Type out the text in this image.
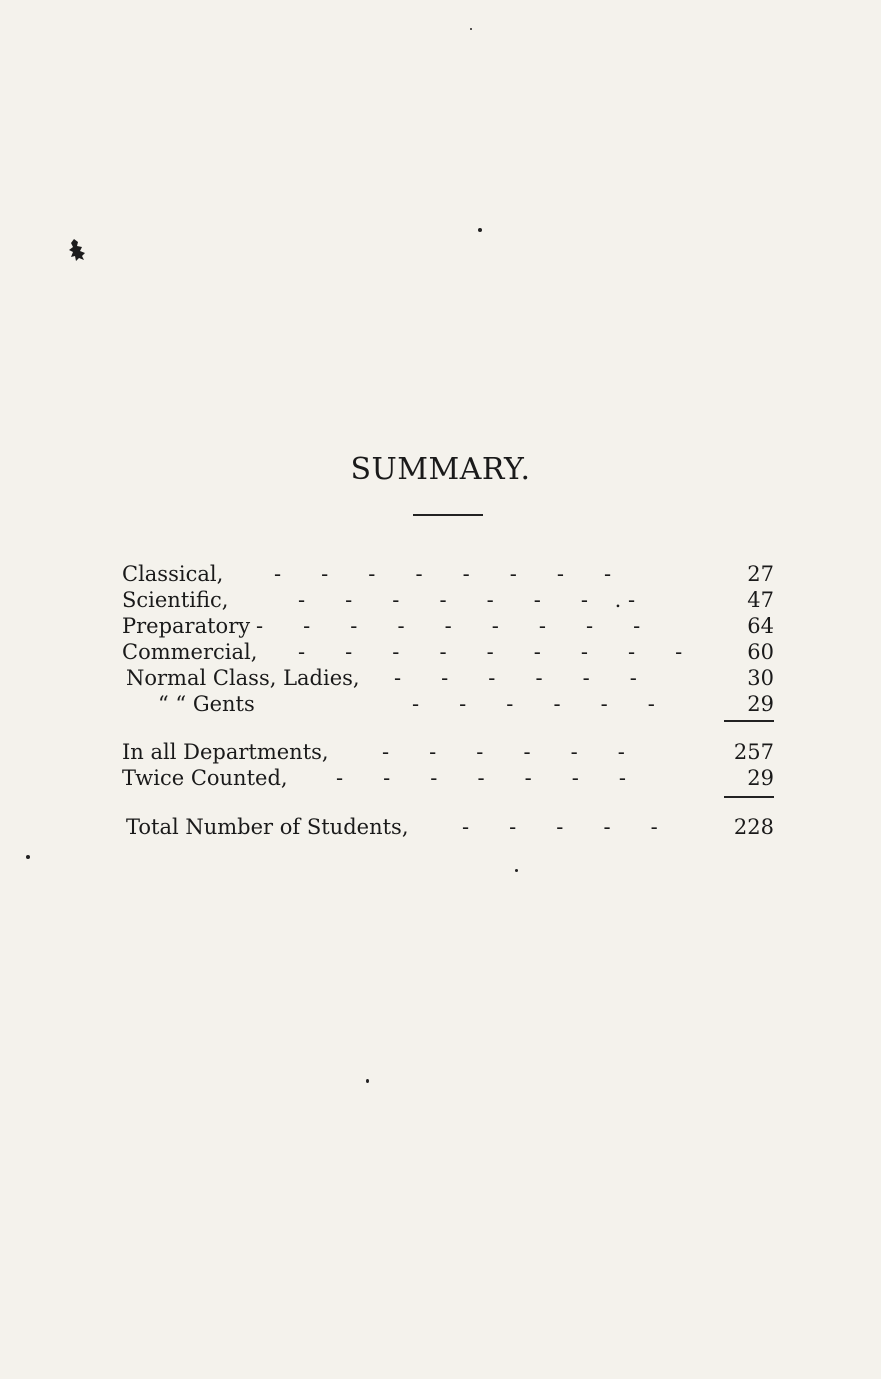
SUMMARY.
Classical, -      -      -      -      -      -      -      -	27
Scientific,	-      -      -      -      -      -      -    . -	47
Preparatory -      -      -      -      -      -      -      -      -	64
Commercial, -      -      -      -      -      -      -      -      -	60
Normal Class, Ladies, -      -      -      -      -      -	30
“ “ Gents	-      -      -      -      -      -	29
In all Departments,	-      -      -      -      -      -	257
Twice Counted, -      -      -      -      -      -      -	29
Total Number of Students,	-      -      -      -      -	228
